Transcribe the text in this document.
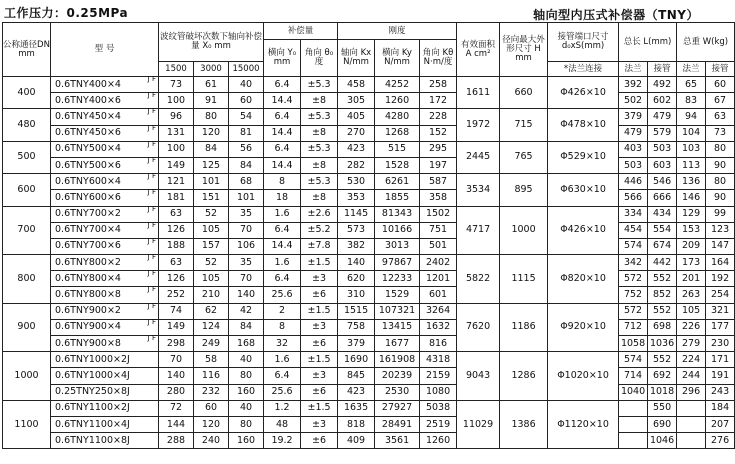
工作压力：0.25MPa	轴向型内压式补偿器（TNY）
公称通径DN mm	型 号	波纹管破坏次数下轴向补偿量 X₀ mm			补偿量		刚度			有效面积 A cm²	径向最大外形尺寸 H mm	接管端口尺寸 d₀xS(mm)	总长 L(mm)		总重 W(kg)	
					横向 Y₀ mm	角向 θ₀ 度	轴向 Kx N/mm	横向 Ky N/mm	角向 Kθ N·m/度							
		1500	3000	15000								*法兰连接	法兰	接管	法兰	接管
400	0.6TNY400×4 J F	73	61	40	6.4	±5.3	458	4252	258	1611	660	Φ426×10	392	492	65	60
	0.6TNY400×6 J F	100	91	60	14.4	±8	305	1260	172				502	602	83	67
480	0.6TNY450×4 J F	96	80	54	6.4	±5.3	405	4280	228	1972	715	Φ478×10	379	479	94	63
	0.6TNY450×6 J F	131	120	81	14.4	±8	270	1268	152				479	579	104	73
500	0.6TNY500×4 J F	100	84	56	6.4	±5.3	423	515	295	2445	765	Φ529×10	403	503	103	80
	0.6TNY500×6 J F	149	125	84	14.4	±8	282	1528	197				503	603	113	90
600	0.6TNY600×4 J F	121	101	68	8	±5.3	530	6261	587	3534	895	Φ630×10	446	546	136	80
	0.6TNY600×6 J F	181	151	101	18	±8	353	1855	358				566	666	146	90
700	0.6TNY700×2 J F	63	52	35	1.6	±2.6	1145	81343	1502	4717	1000	Φ426×10	334	434	129	99
	0.6TNY700×4 J F	126	105	70	6.4	±5.2	573	10166	751				454	554	153	123
	0.6TNY700×6 J F	188	157	106	14.4	±7.8	382	3013	501				574	674	209	147
800	0.6TNY800×2 J F	63	52	35	1.6	±1.5	140	97867	2402	5822	1115	Φ820×10	342	442	173	164
	0.6TNY800×4 J F	126	105	70	6.4	±3	620	12233	1201				572	552	201	192
	0.6TNY800×8 J F	252	210	140	25.6	±6	310	1529	601				752	852	263	254
900	0.6TNY900×2 J F	74	62	42	2	±1.5	1515	107321	3264	7620	1186	Φ920×10	572	552	105	321
	0.6TNY900×4 J F	149	124	84	8	±3	758	13415	1632				712	698	226	177
	0.6TNY900×8 J F	298	249	168	32	±6	379	1677	816				1058	1036	279	230
1000	0.6TNY1000×2J	70	58	40	1.6	±1.5	1690	161908	4318	9043	1286	Φ1020×10	574	552	224	171
	0.6TNY1000×4J	140	116	80	6.4	±3	845	20239	2159				714	692	244	191
	0.25TNY250×8J	280	232	160	25.6	±6	423	2530	1080				1040	1018	296	243
1100	0.6TNY1100×2J	72	60	40	1.2	±1.5	1635	27927	5038	11029	1386	Φ1120×10		550		184
	0.6TNY1100×4J	144	120	80	48	±3	818	28491	2519					690		207
	0.6TNY1100×8J	288	240	160	19.2	±6	409	3561	1260					1046		276
